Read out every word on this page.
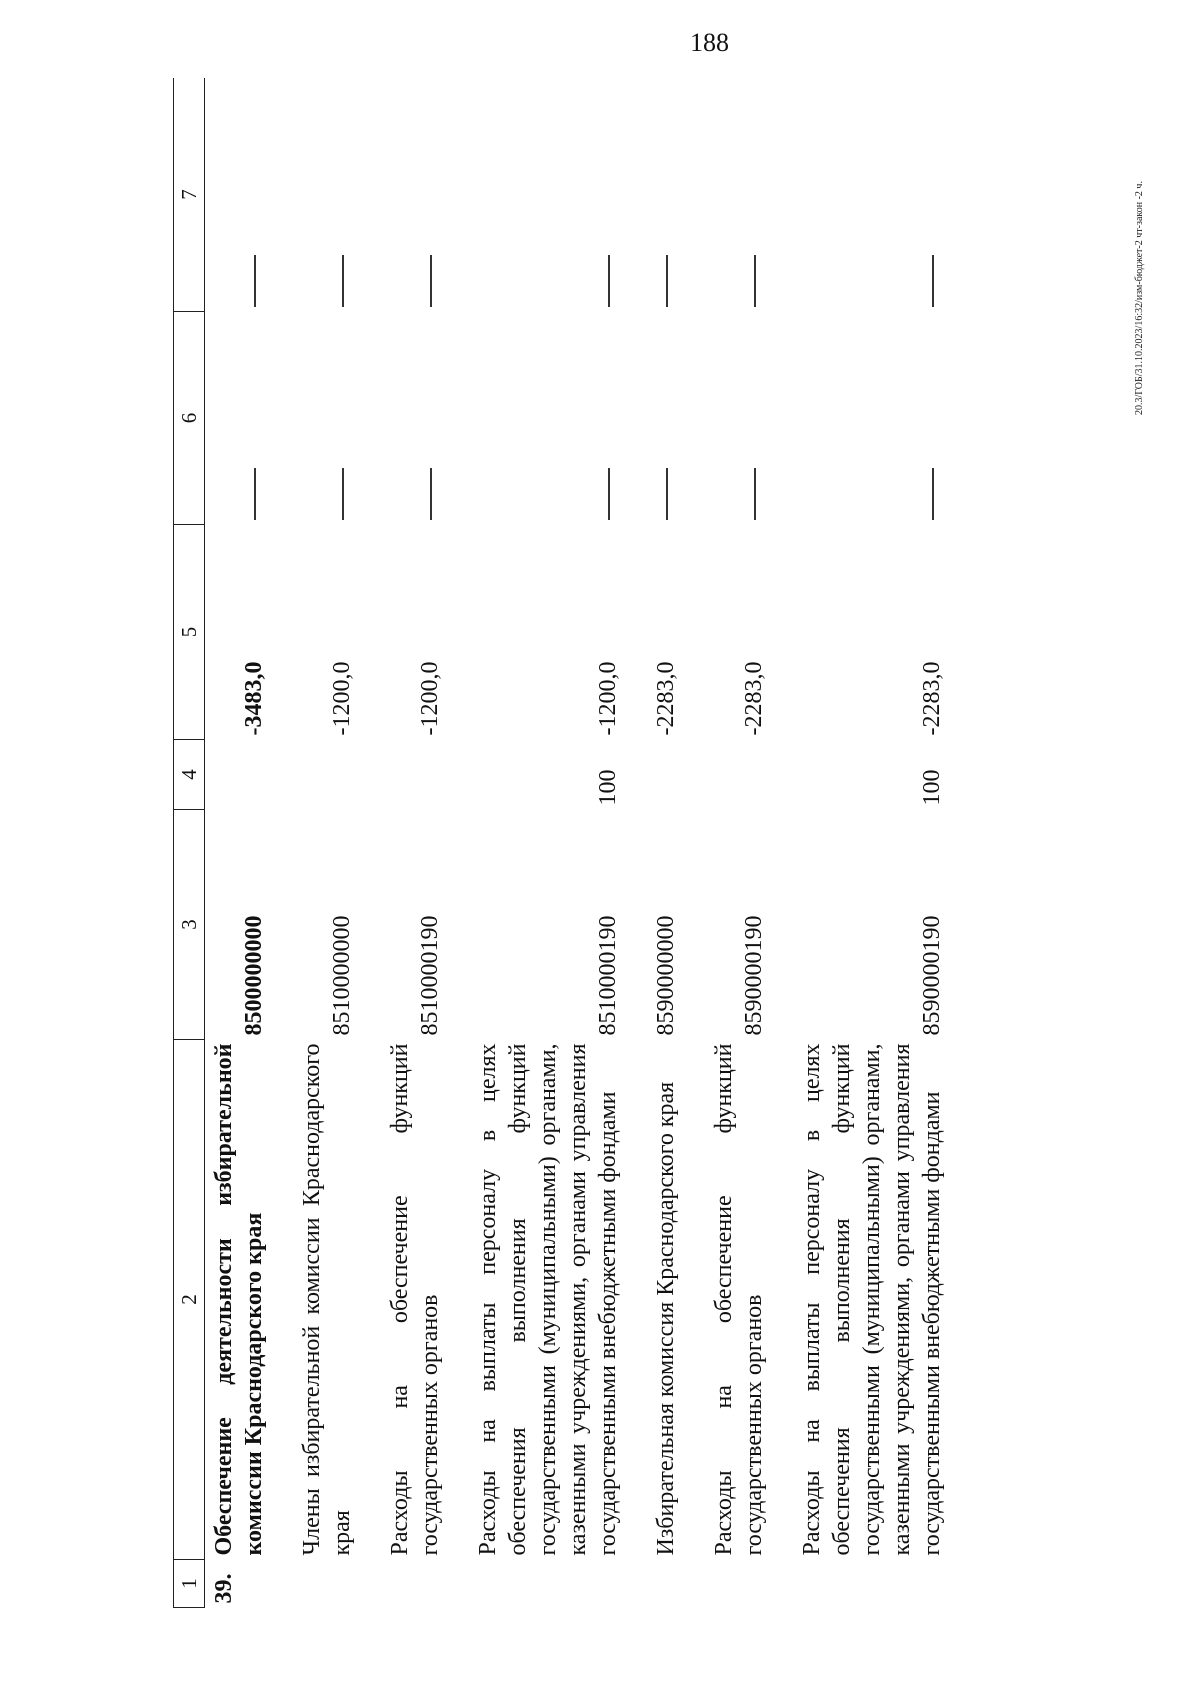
188
20.3/ГОБ/31.10.2023/16:32/изм-бюджет-2 чт-закон -2 ч.
1	2	3	4	5	6	7
39.	Обеспечение деятельности избирательной комиссии Краснодарского края	8500000000		-3483,0		
	Члены избирательной комиссии Краснодарского края	8510000000		-1200,0		
	Расходы на обеспечение функций государственных органов	8510000190		-1200,0		
	Расходы на выплаты персоналу в целях обеспечения выполнения функций государственными (муниципальными) органами, казенными учреждениями, органами управления государственными внебюджетными фондами	8510000190	100	-1200,0		
	Избирательная комиссия Краснодарского края	8590000000		-2283,0		
	Расходы на обеспечение функций государственных органов	8590000190		-2283,0		
	Расходы на выплаты персоналу в целях обеспечения выполнения функций государственными (муниципальными) органами, казенными учреждениями, органами управления государственными внебюджетными фондами	8590000190	100	-2283,0		
